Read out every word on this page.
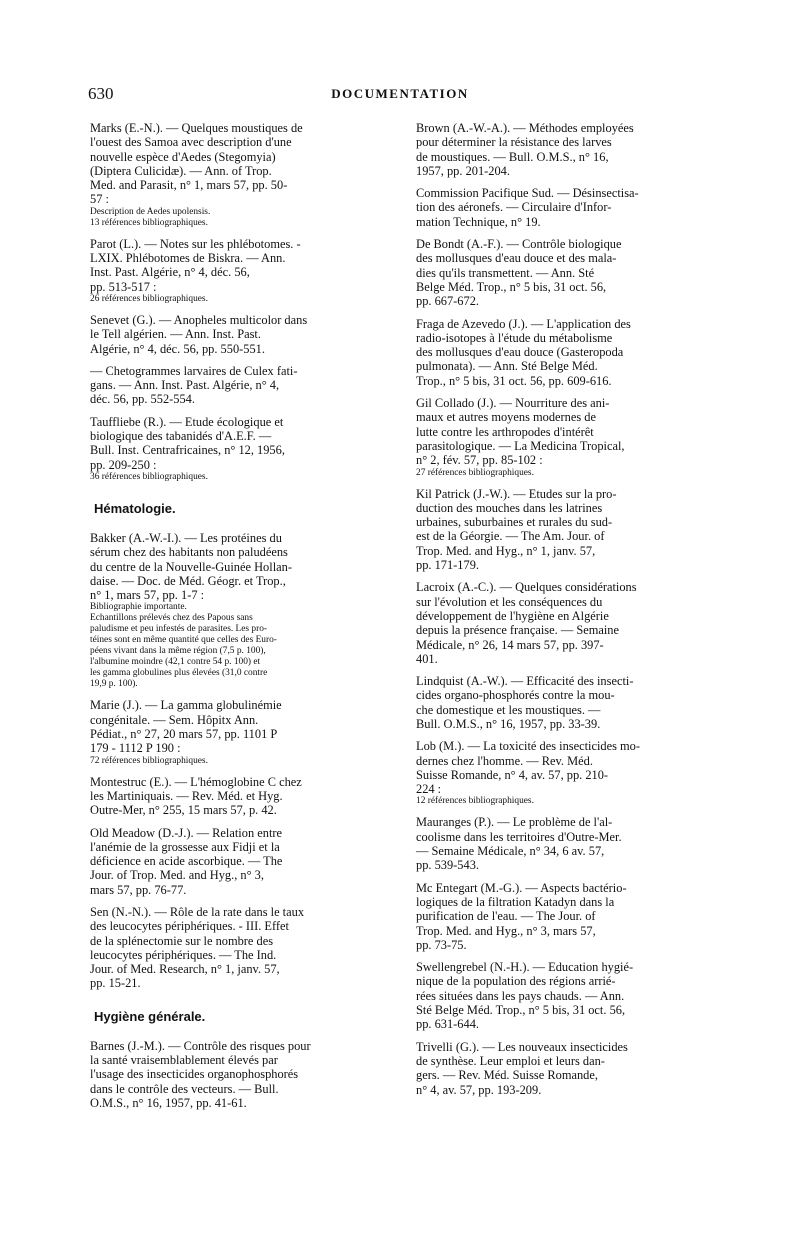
630	DOCUMENTATION
Marks (E.-N.). — Quelques moustiques de
l'ouest des Samoa avec description d'une
nouvelle espèce d'Aedes (Stegomyia)
(Diptera Culicidæ). — Ann. of Trop.
Med. and Parasit, n° 1, mars 57, pp. 50-
57 :
Description de Aedes upolensis.
13 références bibliographiques.
Parot (L.). — Notes sur les phlébotomes. -
LXIX. Phlébotomes de Biskra. — Ann.
Inst. Past. Algérie, n° 4, déc. 56,
pp. 513-517 :
26 références bibliographiques.
Senevet (G.). — Anopheles multicolor dans
le Tell algérien. — Ann. Inst. Past.
Algérie, n° 4, déc. 56, pp. 550-551.
— Chetogrammes larvaires de Culex fati-
gans. — Ann. Inst. Past. Algérie, n° 4,
déc. 56, pp. 552-554.
Tauffliebe (R.). — Etude écologique et
biologique des tabanidés d'A.E.F. —
Bull. Inst. Centrafricaines, n° 12, 1956,
pp. 209-250 :
36 références bibliographiques.
Hématologie.
Bakker (A.-W.-I.). — Les protéines du
sérum chez des habitants non paludéens
du centre de la Nouvelle-Guinée Hollan-
daise. — Doc. de Méd. Géogr. et Trop.,
n° 1, mars 57, pp. 1-7 :
Bibliographie importante.
Echantillons prélevés chez des Papous sans
paludisme et peu infestés de parasites. Les pro-
téines sont en même quantité que celles des Euro-
péens vivant dans la même région (7,5 p. 100),
l'albumine moindre (42,1 contre 54 p. 100) et
les gamma globulines plus élevées (31,0 contre
19,9 p. 100).
Marie (J.). — La gamma globulinémie
congénitale. — Sem. Hôpitx Ann.
Pédiat., n° 27, 20 mars 57, pp. 1101 P
179 - 1112 P 190 :
72 références bibliographiques.
Montestruc (E.). — L'hémoglobine C chez
les Martiniquais. — Rev. Méd. et Hyg.
Outre-Mer, n° 255, 15 mars 57, p. 42.
Old Meadow (D.-J.). — Relation entre
l'anémie de la grossesse aux Fidji et la
déficience en acide ascorbique. — The
Jour. of Trop. Med. and Hyg., n° 3,
mars 57, pp. 76-77.
Sen (N.-N.). — Rôle de la rate dans le taux
des leucocytes périphériques. - III. Effet
de la splénectomie sur le nombre des
leucocytes périphériques. — The Ind.
Jour. of Med. Research, n° 1, janv. 57,
pp. 15-21.
Hygiène générale.
Barnes (J.-M.). — Contrôle des risques pour
la santé vraisemblablement élevés par
l'usage des insecticides organophosphorés
dans le contrôle des vecteurs. — Bull.
O.M.S., n° 16, 1957, pp. 41-61.
Brown (A.-W.-A.). — Méthodes employées
pour déterminer la résistance des larves
de moustiques. — Bull. O.M.S., n° 16,
1957, pp. 201-204.
Commission Pacifique Sud. — Désinsectisa-
tion des aéronefs. — Circulaire d'Infor-
mation Technique, n° 19.
De Bondt (A.-F.). — Contrôle biologique
des mollusques d'eau douce et des mala-
dies qu'ils transmettent. — Ann. Sté
Belge Méd. Trop., n° 5 bis, 31 oct. 56,
pp. 667-672.
Fraga de Azevedo (J.). — L'application des
radio-isotopes à l'étude du métabolisme
des mollusques d'eau douce (Gasteropoda
pulmonata). — Ann. Sté Belge Méd.
Trop., n° 5 bis, 31 oct. 56, pp. 609-616.
Gil Collado (J.). — Nourriture des ani-
maux et autres moyens modernes de
lutte contre les arthropodes d'intérêt
parasitologique. — La Medicina Tropical,
n° 2, fév. 57, pp. 85-102 :
27 références bibliographiques.
Kil Patrick (J.-W.). — Etudes sur la pro-
duction des mouches dans les latrines
urbaines, suburbaines et rurales du sud-
est de la Géorgie. — The Am. Jour. of
Trop. Med. and Hyg., n° 1, janv. 57,
pp. 171-179.
Lacroix (A.-C.). — Quelques considérations
sur l'évolution et les conséquences du
développement de l'hygiène en Algérie
depuis la présence française. — Semaine
Médicale, n° 26, 14 mars 57, pp. 397-
401.
Lindquist (A.-W.). — Efficacité des insecti-
cides organo-phosphorés contre la mou-
che domestique et les moustiques. —
Bull. O.M.S., n° 16, 1957, pp. 33-39.
Lob (M.). — La toxicité des insecticides mo-
dernes chez l'homme. — Rev. Méd.
Suisse Romande, n° 4, av. 57, pp. 210-
224 :
12 références bibliographiques.
Mauranges (P.). — Le problème de l'al-
coolisme dans les territoires d'Outre-Mer.
— Semaine Médicale, n° 34, 6 av. 57,
pp. 539-543.
Mc Entegart (M.-G.). — Aspects bactério-
logiques de la filtration Katadyn dans la
purification de l'eau. — The Jour. of
Trop. Med. and Hyg., n° 3, mars 57,
pp. 73-75.
Swellengrebel (N.-H.). — Education hygié-
nique de la population des régions arrié-
rées situées dans les pays chauds. — Ann.
Sté Belge Méd. Trop., n° 5 bis, 31 oct. 56,
pp. 631-644.
Trivelli (G.). — Les nouveaux insecticides
de synthèse. Leur emploi et leurs dan-
gers. — Rev. Méd. Suisse Romande,
n° 4, av. 57, pp. 193-209.
